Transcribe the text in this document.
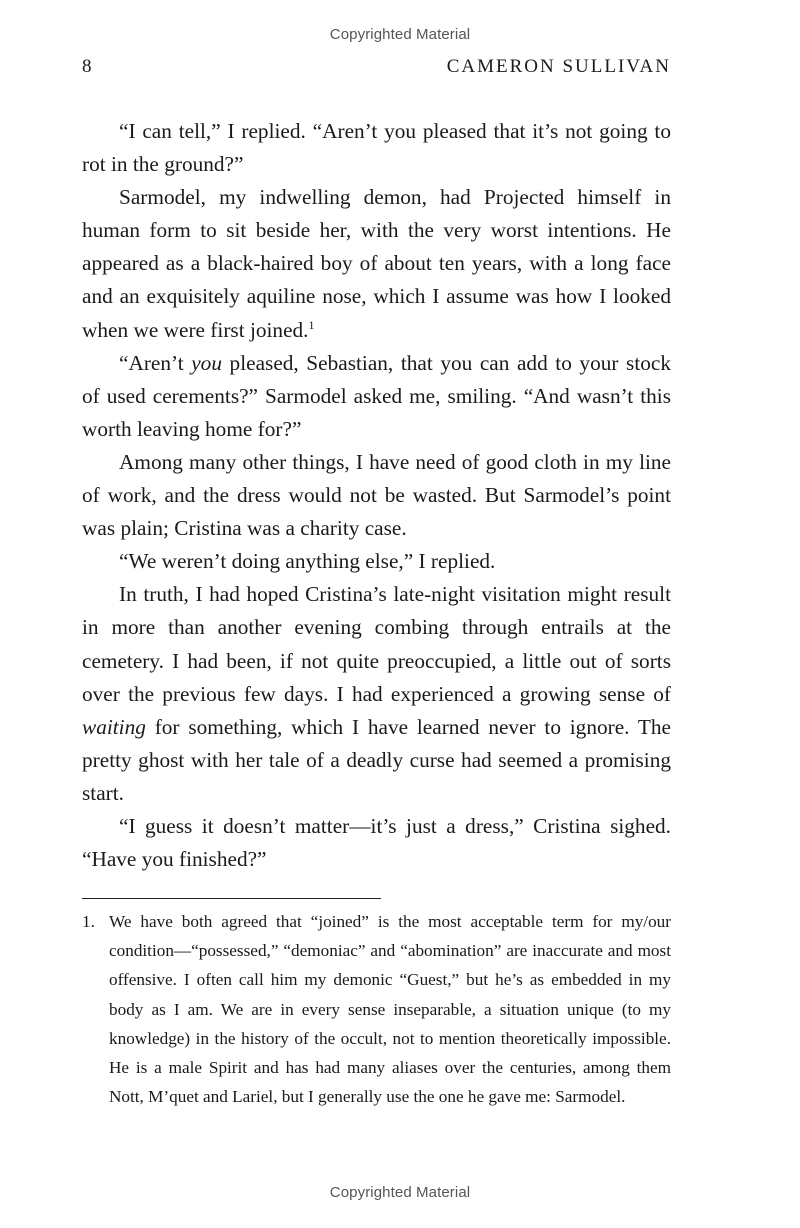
Copyrighted Material
8	CAMERON SULLIVAN

“I can tell,” I replied. “Aren’t you pleased that it’s not going to rot in the ground?”

Sarmodel, my indwelling demon, had Projected himself in human form to sit beside her, with the very worst intentions. He appeared as a black-haired boy of about ten years, with a long face and an exquisitely aquiline nose, which I assume was how I looked when we were first joined.$^1$

“Aren’t you pleased, Sebastian, that you can add to your stock of used cerements?” Sarmodel asked me, smiling. “And wasn’t this worth leaving home for?”

Among many other things, I have need of good cloth in my line of work, and the dress would not be wasted. But Sarmodel’s point was plain; Cristina was a charity case.

“We weren’t doing anything else,” I replied.

In truth, I had hoped Cristina’s late-night visitation might result in more than another evening combing through entrails at the cemetery. I had been, if not quite preoccupied, a little out of sorts over the previous few days. I had experienced a growing sense of waiting for something, which I have learned never to ignore. The pretty ghost with her tale of a deadly curse had seemed a promising start.

“I guess it doesn’t matter—it’s just a dress,” Cristina sighed. “Have you finished?”

1. We have both agreed that “joined” is the most acceptable term for my/our condition—“possessed,” “demoniac” and “abomination” are inaccurate and most offensive. I often call him my demonic “Guest,” but he’s as embedded in my body as I am. We are in every sense inseparable, a situation unique (to my knowledge) in the history of the occult, not to mention theoretically impossible. He is a male Spirit and has had many aliases over the centuries, among them Nott, M’quet and Lariel, but I generally use the one he gave me: Sarmodel.
Copyrighted Material
